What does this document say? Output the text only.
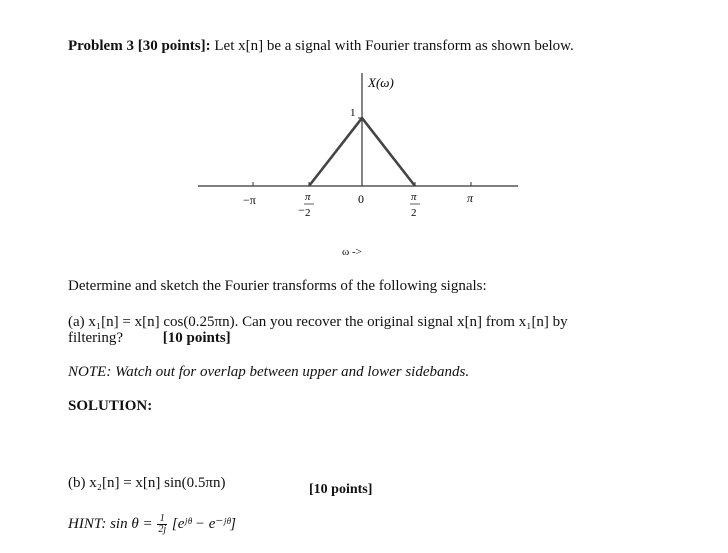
Problem 3 [30 points]: Let x[n] be a signal with Fourier transform as shown below.
X(ω)
1
−π
−
π
2
0	π
2
π
ω ->
Determine and sketch the Fourier transforms of the following signals:
(a) x₁[n] = x[n] cos(0.25πn). Can you recover the original signal x[n] from x₁[n] by
filtering?	[10 points]
NOTE: Watch out for overlap between upper and lower sidebands.
SOLUTION:
(b) x₂[n] = x[n] sin(0.5πn)	[10 points]
HINT: $\sin \theta = \frac{1}{2j}$ [eʲᶿ − e⁻ʲᶿ]
